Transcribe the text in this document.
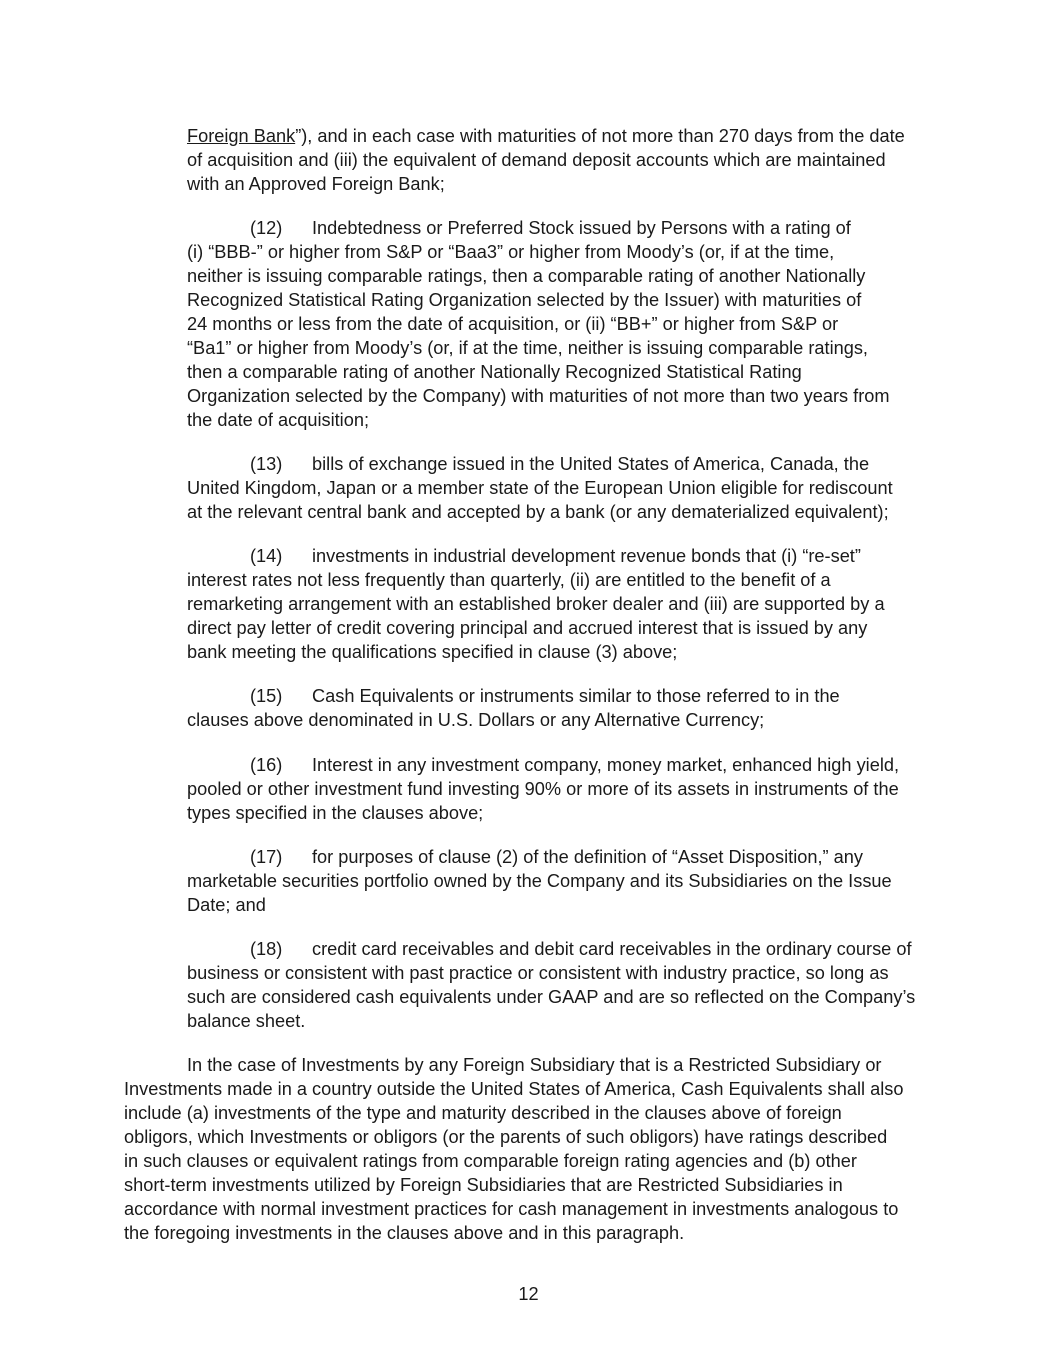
Foreign Bank”), and in each case with maturities of not more than 270 days from the date
of acquisition and (iii) the equivalent of demand deposit accounts which are maintained
with an Approved Foreign Bank;
(12) Indebtedness or Preferred Stock issued by Persons with a rating of
(i) “BBB-” or higher from S&P or “Baa3” or higher from Moody’s (or, if at the time,
neither is issuing comparable ratings, then a comparable rating of another Nationally
Recognized Statistical Rating Organization selected by the Issuer) with maturities of
24 months or less from the date of acquisition, or (ii) “BB+” or higher from S&P or
“Ba1” or higher from Moody’s (or, if at the time, neither is issuing comparable ratings,
then a comparable rating of another Nationally Recognized Statistical Rating
Organization selected by the Company) with maturities of not more than two years from
the date of acquisition;
(13) bills of exchange issued in the United States of America, Canada, the
United Kingdom, Japan or a member state of the European Union eligible for rediscount
at the relevant central bank and accepted by a bank (or any dematerialized equivalent);
(14) investments in industrial development revenue bonds that (i) “re-set”
interest rates not less frequently than quarterly, (ii) are entitled to the benefit of a
remarketing arrangement with an established broker dealer and (iii) are supported by a
direct pay letter of credit covering principal and accrued interest that is issued by any
bank meeting the qualifications specified in clause (3) above;
(15) Cash Equivalents or instruments similar to those referred to in the
clauses above denominated in U.S. Dollars or any Alternative Currency;
(16) Interest in any investment company, money market, enhanced high yield,
pooled or other investment fund investing 90% or more of its assets in instruments of the
types specified in the clauses above;
(17) for purposes of clause (2) of the definition of “Asset Disposition,” any
marketable securities portfolio owned by the Company and its Subsidiaries on the Issue
Date; and
(18) credit card receivables and debit card receivables in the ordinary course of
business or consistent with past practice or consistent with industry practice, so long as
such are considered cash equivalents under GAAP and are so reflected on the Company’s
balance sheet.
In the case of Investments by any Foreign Subsidiary that is a Restricted Subsidiary or
Investments made in a country outside the United States of America, Cash Equivalents shall also
include (a) investments of the type and maturity described in the clauses above of foreign
obligors, which Investments or obligors (or the parents of such obligors) have ratings described
in such clauses or equivalent ratings from comparable foreign rating agencies and (b) other
short-term investments utilized by Foreign Subsidiaries that are Restricted Subsidiaries in
accordance with normal investment practices for cash management in investments analogous to
the foregoing investments in the clauses above and in this paragraph.
12
